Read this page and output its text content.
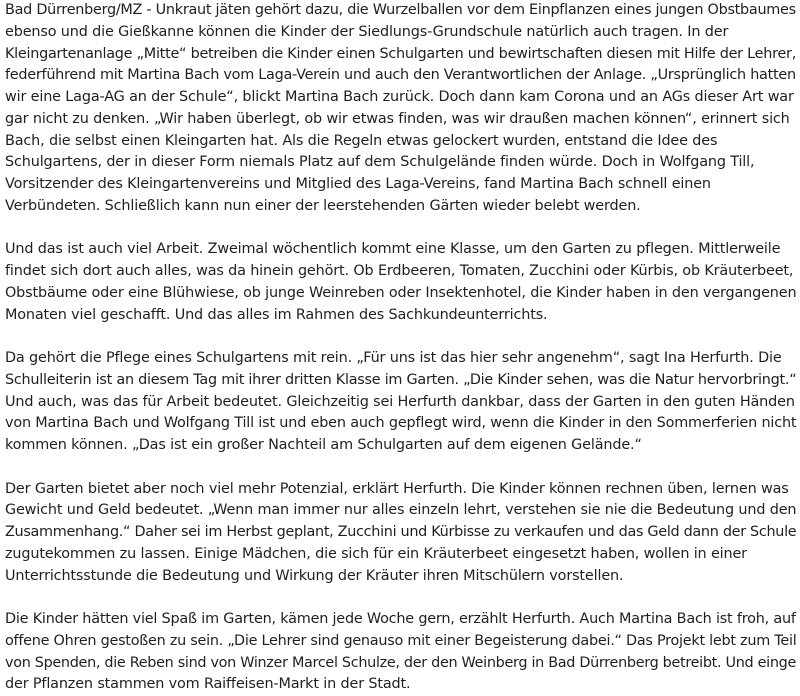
Bad Dürrenberg/MZ - Unkraut jäten gehört dazu, die Wurzelballen vor dem Einpflanzen eines jungen Obstbaumes
ebenso und die Gießkanne können die Kinder der Siedlungs-Grundschule natürlich auch tragen. In der
Kleingartenanlage „Mitte“ betreiben die Kinder einen Schulgarten und bewirtschaften diesen mit Hilfe der Lehrer,
federführend mit Martina Bach vom Laga-Verein und auch den Verantwortlichen der Anlage. „Ursprünglich hatten
wir eine Laga-AG an der Schule“, blickt Martina Bach zurück. Doch dann kam Corona und an AGs dieser Art war
gar nicht zu denken. „Wir haben überlegt, ob wir etwas finden, was wir draußen machen können“, erinnert sich
Bach, die selbst einen Kleingarten hat. Als die Regeln etwas gelockert wurden, entstand die Idee des
Schulgartens, der in dieser Form niemals Platz auf dem Schulgelände finden würde. Doch in Wolfgang Till,
Vorsitzender des Kleingartenvereins und Mitglied des Laga-Vereins, fand Martina Bach schnell einen
Verbündeten. Schließlich kann nun einer der leerstehenden Gärten wieder belebt werden.

Und das ist auch viel Arbeit. Zweimal wöchentlich kommt eine Klasse, um den Garten zu pflegen. Mittlerweile
findet sich dort auch alles, was da hinein gehört. Ob Erdbeeren, Tomaten, Zucchini oder Kürbis, ob Kräuterbeet,
Obstbäume oder eine Blühwiese, ob junge Weinreben oder Insektenhotel, die Kinder haben in den vergangenen
Monaten viel geschafft. Und das alles im Rahmen des Sachkundeunterrichts.

Da gehört die Pflege eines Schulgartens mit rein. „Für uns ist das hier sehr angenehm“, sagt Ina Herfurth. Die
Schulleiterin ist an diesem Tag mit ihrer dritten Klasse im Garten. „Die Kinder sehen, was die Natur hervorbringt.“
Und auch, was das für Arbeit bedeutet. Gleichzeitig sei Herfurth dankbar, dass der Garten in den guten Händen
von Martina Bach und Wolfgang Till ist und eben auch gepflegt wird, wenn die Kinder in den Sommerferien nicht
kommen können. „Das ist ein großer Nachteil am Schulgarten auf dem eigenen Gelände.“

Der Garten bietet aber noch viel mehr Potenzial, erklärt Herfurth. Die Kinder können rechnen üben, lernen was
Gewicht und Geld bedeutet. „Wenn man immer nur alles einzeln lehrt, verstehen sie nie die Bedeutung und den
Zusammenhang.“ Daher sei im Herbst geplant, Zucchini und Kürbisse zu verkaufen und das Geld dann der Schule
zugutekommen zu lassen. Einige Mädchen, die sich für ein Kräuterbeet eingesetzt haben, wollen in einer
Unterrichtsstunde die Bedeutung und Wirkung der Kräuter ihren Mitschülern vorstellen.

Die Kinder hätten viel Spaß im Garten, kämen jede Woche gern, erzählt Herfurth. Auch Martina Bach ist froh, auf
offene Ohren gestoßen zu sein. „Die Lehrer sind genauso mit einer Begeisterung dabei.“ Das Projekt lebt zum Teil
von Spenden, die Reben sind von Winzer Marcel Schulze, der den Weinberg in Bad Dürrenberg betreibt. Und einge
der Pflanzen stammen vom Raiffeisen-Markt in der Stadt.
